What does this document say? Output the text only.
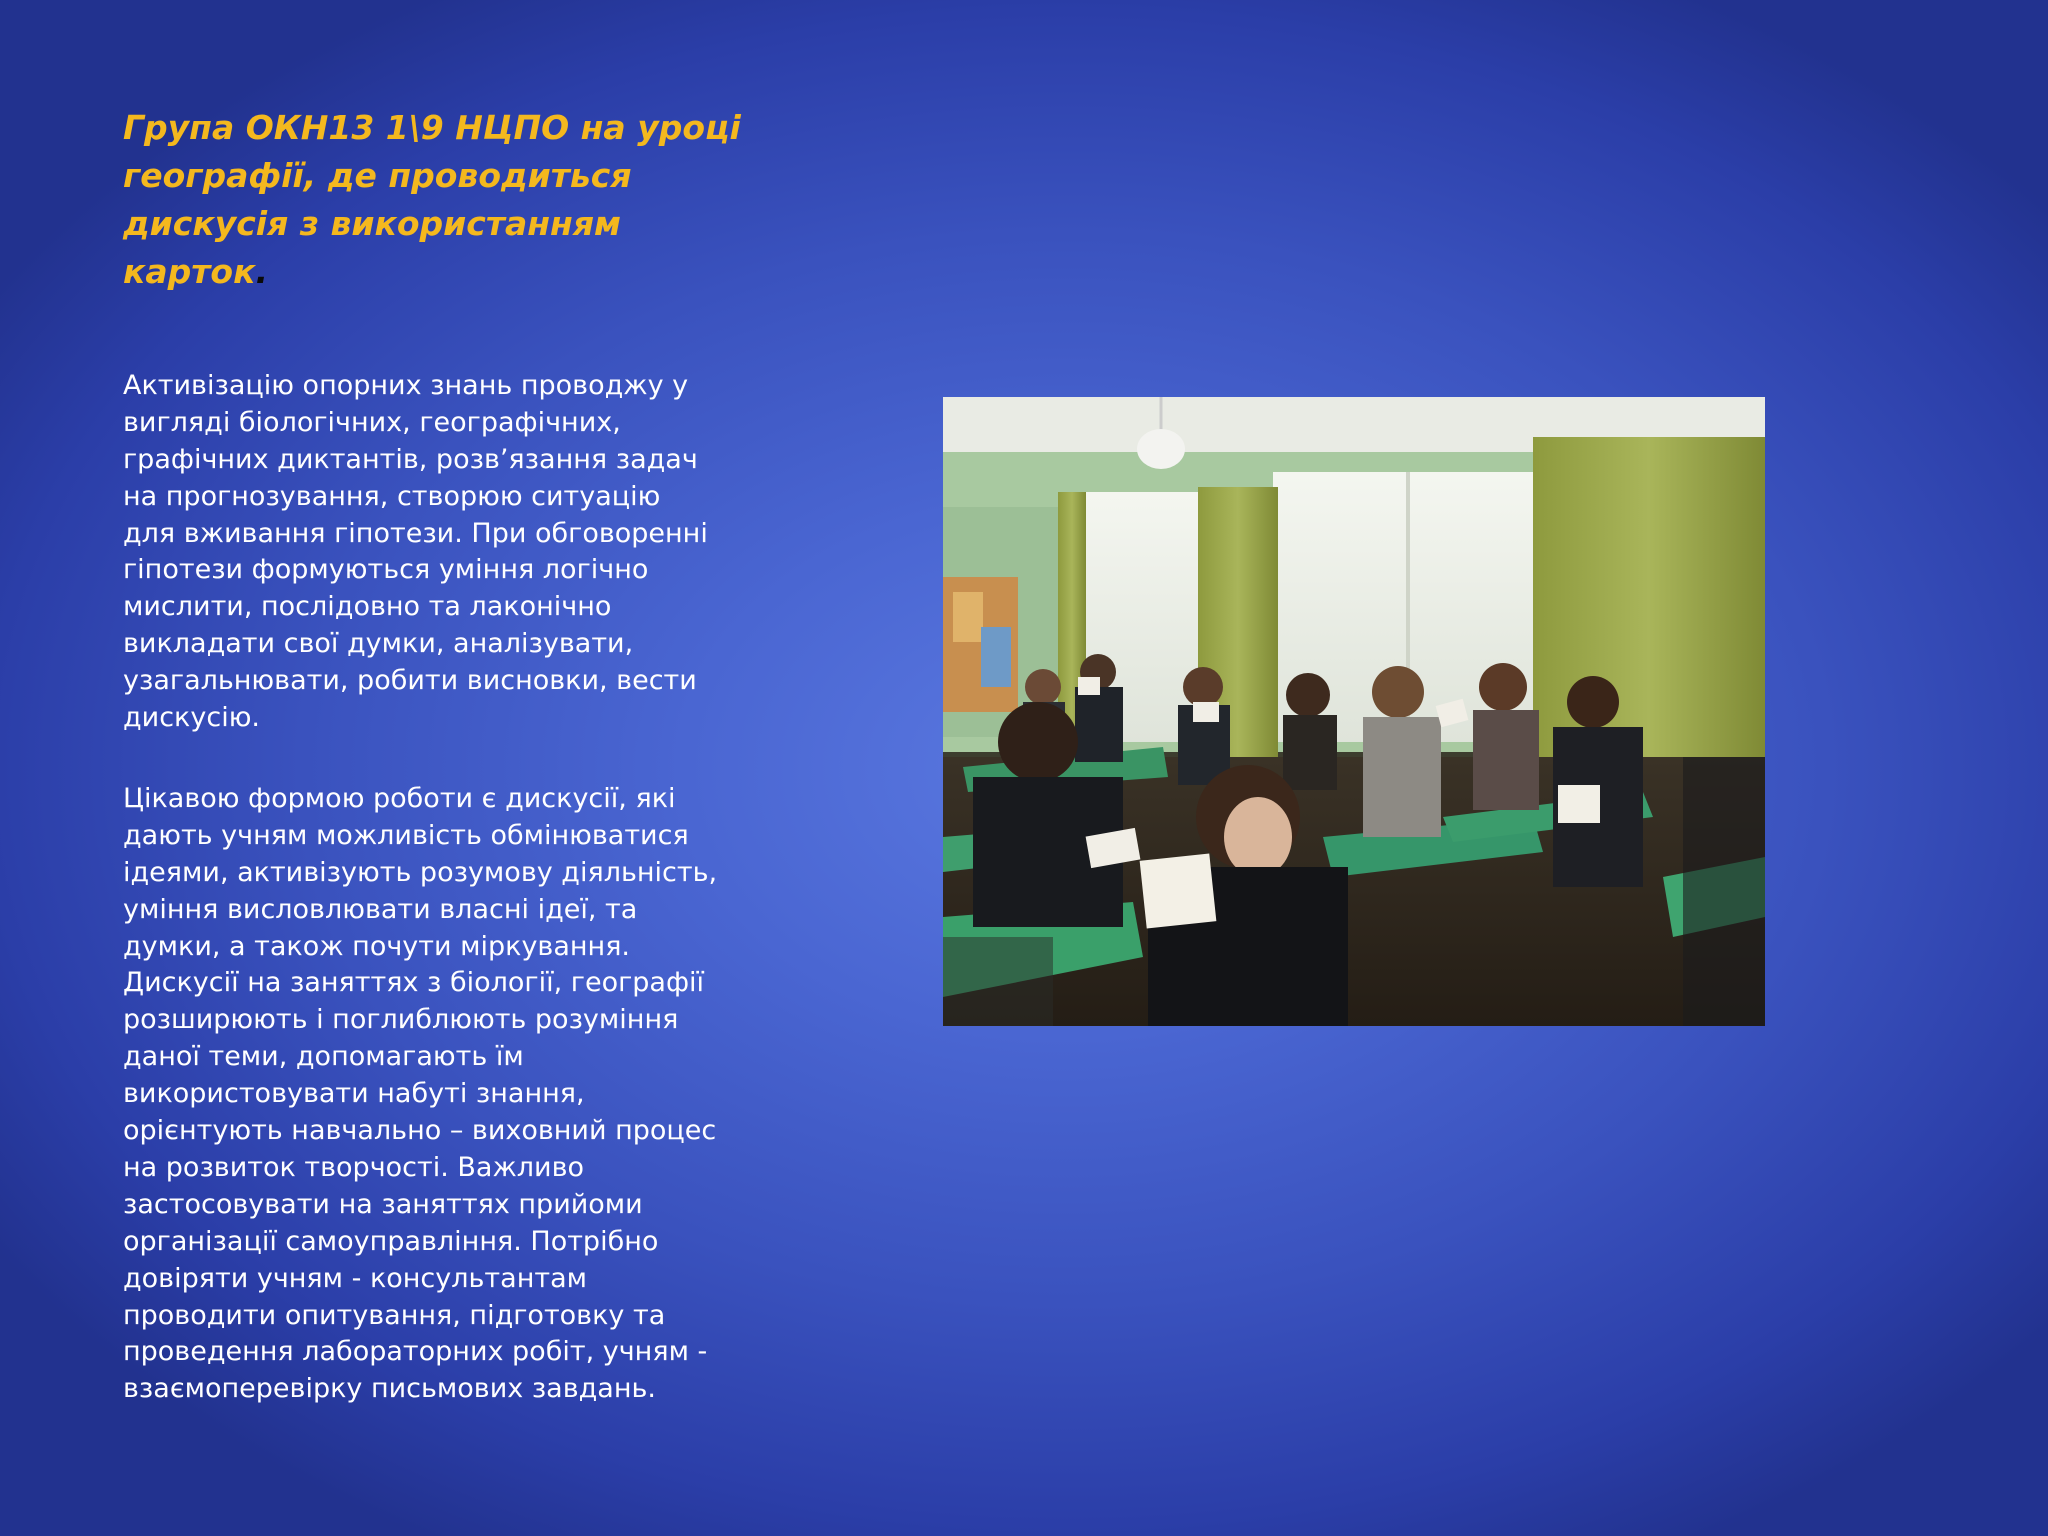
Група ОКН13 1\9 НЦПО на уроці
географії, де проводиться
дискусія з використанням
карток.

Активізацію опорних знань проводжу у
вигляді біологічних, географічних,
графічних диктантів, розв’язання задач
на прогнозування, створюю ситуацію
для вживання гіпотези. При обговоренні
гіпотези формуються уміння логічно
мислити, послідовно та лаконічно
викладати свої думки, аналізувати,
узагальнювати, робити висновки, вести
дискусію.

Цікавою формою роботи є дискусії, які
дають учням можливість обмінюватися
ідеями, активізують розумову діяльність,
уміння висловлювати власні ідеї, та
думки, а також почути міркування.
Дискусії на заняттях з біології, географії
розширюють і поглиблюють розуміння
даної теми, допомагають їм
використовувати набуті знання,
орієнтують навчально – виховний процес
на розвиток творчості. Важливо
застосовувати на заняттях прийоми
організації самоуправління. Потрібно
довіряти учням - консультантам
проводити опитування, підготовку та
проведення лабораторних робіт, учням -
взаємоперевірку письмових завдань.
